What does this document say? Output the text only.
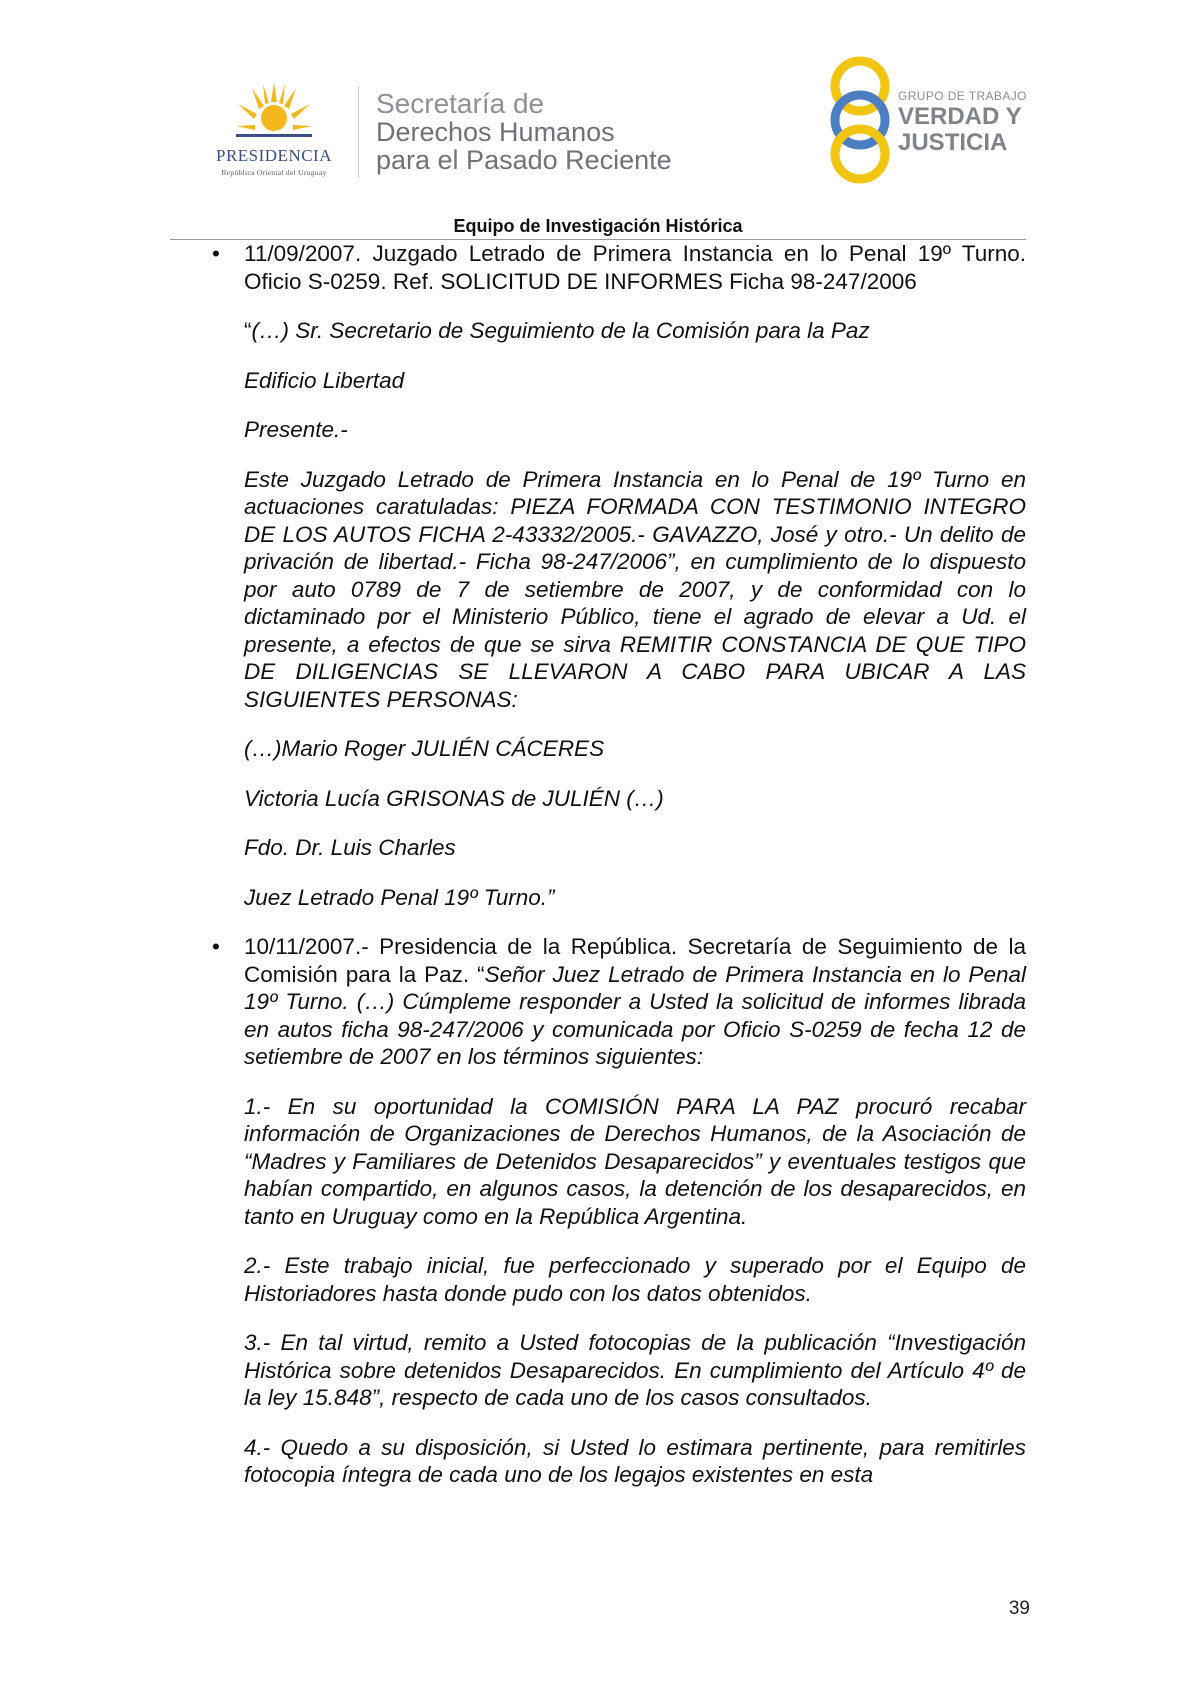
PRESIDENCIA
República Oriental del Uruguay
Secretaría de
Derechos Humanos
para el Pasado Reciente
GRUPO DE TRABAJO
VERDAD Y
JUSTICIA
Equipo de Investigación Histórica
• 11/09/2007. Juzgado Letrado de Primera Instancia en lo Penal 19º Turno. Oficio S-0259. Ref. SOLICITUD DE INFORMES Ficha 98-247/2006

“(…) Sr. Secretario de Seguimiento de la Comisión para la Paz

Edificio Libertad

Presente.-

Este Juzgado Letrado de Primera Instancia en lo Penal de 19º Turno en actuaciones caratuladas: PIEZA FORMADA CON TESTIMONIO INTEGRO DE LOS AUTOS FICHA 2-43332/2005.- GAVAZZO, José y otro.- Un delito de privación de libertad.- Ficha 98-247/2006”, en cumplimiento de lo dispuesto por auto 0789 de 7 de setiembre de 2007, y de conformidad con lo dictaminado por el Ministerio Público, tiene el agrado de elevar a Ud. el presente, a efectos de que se sirva REMITIR CONSTANCIA DE QUE TIPO DE DILIGENCIAS SE LLEVARON A CABO PARA UBICAR A LAS SIGUIENTES PERSONAS:

(…)Mario Roger JULIÉN CÁCERES

Victoria Lucía GRISONAS de JULIÉN (…)

Fdo. Dr. Luis Charles

Juez Letrado Penal 19º Turno.”

• 10/11/2007.- Presidencia de la República. Secretaría de Seguimiento de la Comisión para la Paz. “Señor Juez Letrado de Primera Instancia en lo Penal 19º Turno. (…) Cúmpleme responder a Usted la solicitud de informes librada en autos ficha 98-247/2006 y comunicada por Oficio S-0259 de fecha 12 de setiembre de 2007 en los términos siguientes:

1.- En su oportunidad la COMISIÓN PARA LA PAZ procuró recabar información de Organizaciones de Derechos Humanos, de la Asociación de “Madres y Familiares de Detenidos Desaparecidos” y eventuales testigos que habían compartido, en algunos casos, la detención de los desaparecidos, en tanto en Uruguay como en la República Argentina.

2.- Este trabajo inicial, fue perfeccionado y superado por el Equipo de Historiadores hasta donde pudo con los datos obtenidos.

3.- En tal virtud, remito a Usted fotocopias de la publicación “Investigación Histórica sobre detenidos Desaparecidos. En cumplimiento del Artículo 4º de la ley 15.848”, respecto de cada uno de los casos consultados.

4.- Quedo a su disposición, si Usted lo estimara pertinente, para remitirles fotocopia íntegra de cada uno de los legajos existentes en esta

39
